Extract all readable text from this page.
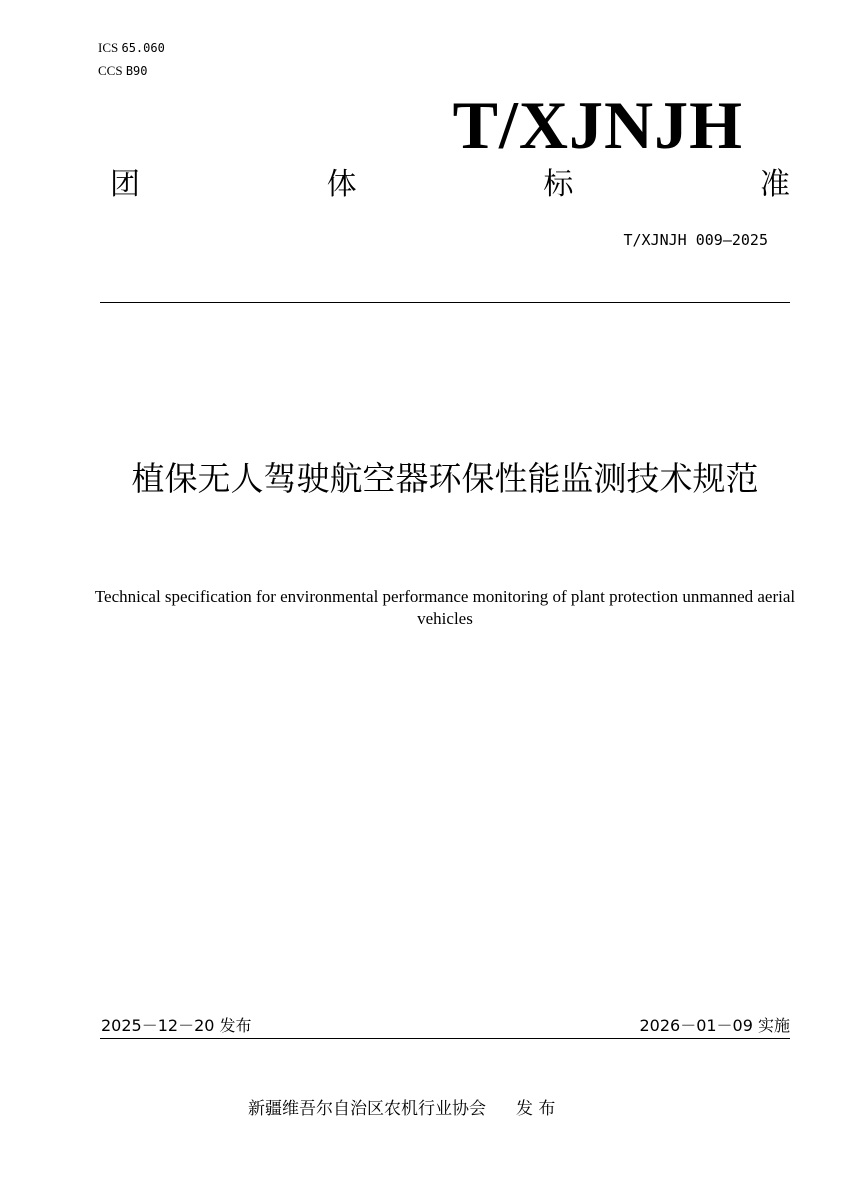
ICS 65.060
CCS B90
T/XJNJH
团	体	标	准
T/XJNJH 009—2025
植保无人驾驶航空器环保性能监测技术规范
Technical specification for environmental performance monitoring of plant protection unmanned aerial vehicles
2025－12－20 发布	2026－01－09 实施
新疆维吾尔自治区农机行业协会 发 布
